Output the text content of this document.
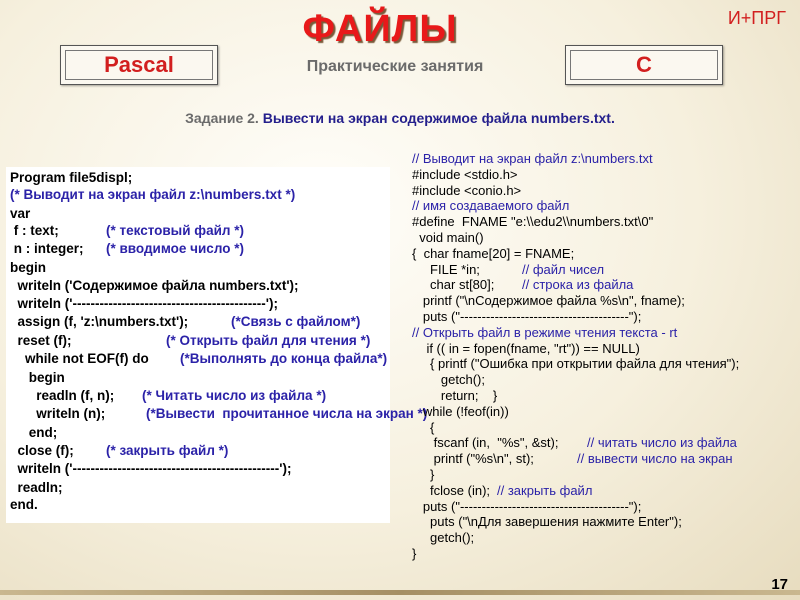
ФАЙЛЫ	И+ПРГ
Pascal	Практические занятия	C
Задание 2. Вывести на экран содержимое файла numbers.txt.
Program file5displ;
(* Выводит на экран файл z:\numbers.txt *)
var
f : text;	(* текстовый файл *)
n : integer; (* вводимое число *)
begin
writeln ('Содержимое файла numbers.txt');
writeln ('-------------------------------------------');
assign (f, 'z:\numbers.txt');	(*Связь с файлом*)
reset (f);	(* Открыть файл для чтения *)
while not EOF(f) do (*Выполнять до конца файла*)
begin
readln (f, n); (* Читать число из файла *)
writeln (n);	(*Вывести  прочитанное числа на экран *)
end;
close (f); (* закрыть файл *)
writeln ('----------------------------------------------');
readln;
end.
// Выводит на экран файл z:\numbers.txt
#include <stdio.h>
#include <conio.h>
// имя создаваемого файл
#define  FNAME "e:\\edu2\\numbers.txt\0"
void main()
{  char fname[20] = FNAME;
FILE *in;	// файл чисел
char st[80]; // строка из файла
printf ("\nСодержимое файла %s\n", fname);
puts ("---------------------------------------");
// Открыть файл в режиме чтения текста - rt
if (( in = fopen(fname, "rt")) == NULL)
{ printf ("Ошибка при открытии файла для чтения");
getch();
return;    }
while (!feof(in))
{
fscanf (in,  "%s", &st); // читать число из файла
printf ("%s\n", st);	// вывести число на экран
}
fclose (in); // закрыть файл
puts ("---------------------------------------");
puts ("\nДля завершения нажмите Enter");
getch();
}
17
